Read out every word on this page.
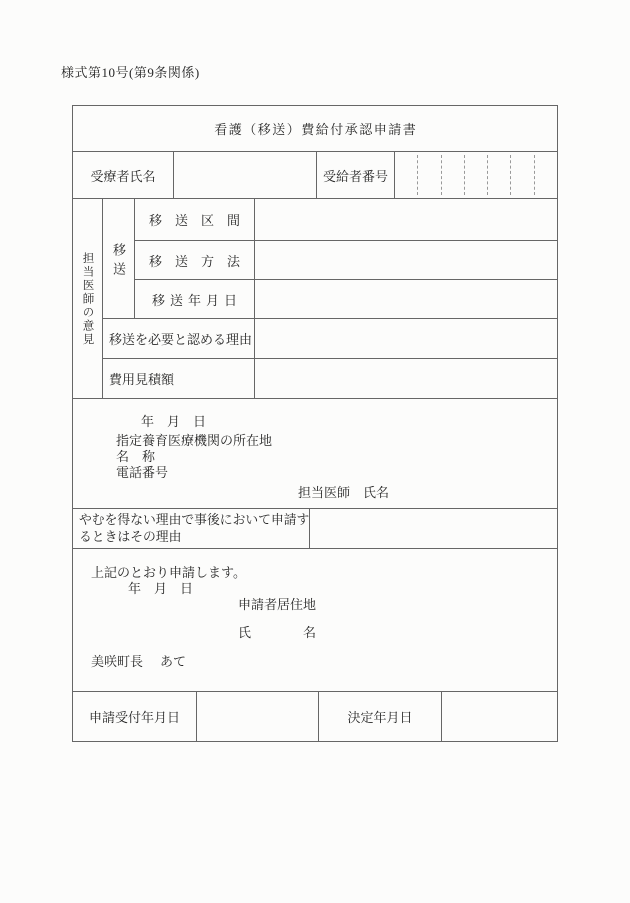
様式第10号(第9条関係)
看護（移送）費給付承認申請書
受療者氏名	受給者番号
担当医師の意見 移送
移送区間
移送方法
移送年月日
移送を必要と認める理由
費用見積額
年　月　日
指定養育医療機関の所在地
名　称
電話番号
担当医師　氏名
やむを得ない理由で事後において申請す
るときはその理由
上記のとおり申請します。
年　月　日
申請者居住地
氏　　　　名
美咲町長 あて
申請受付年月日	決定年月日
